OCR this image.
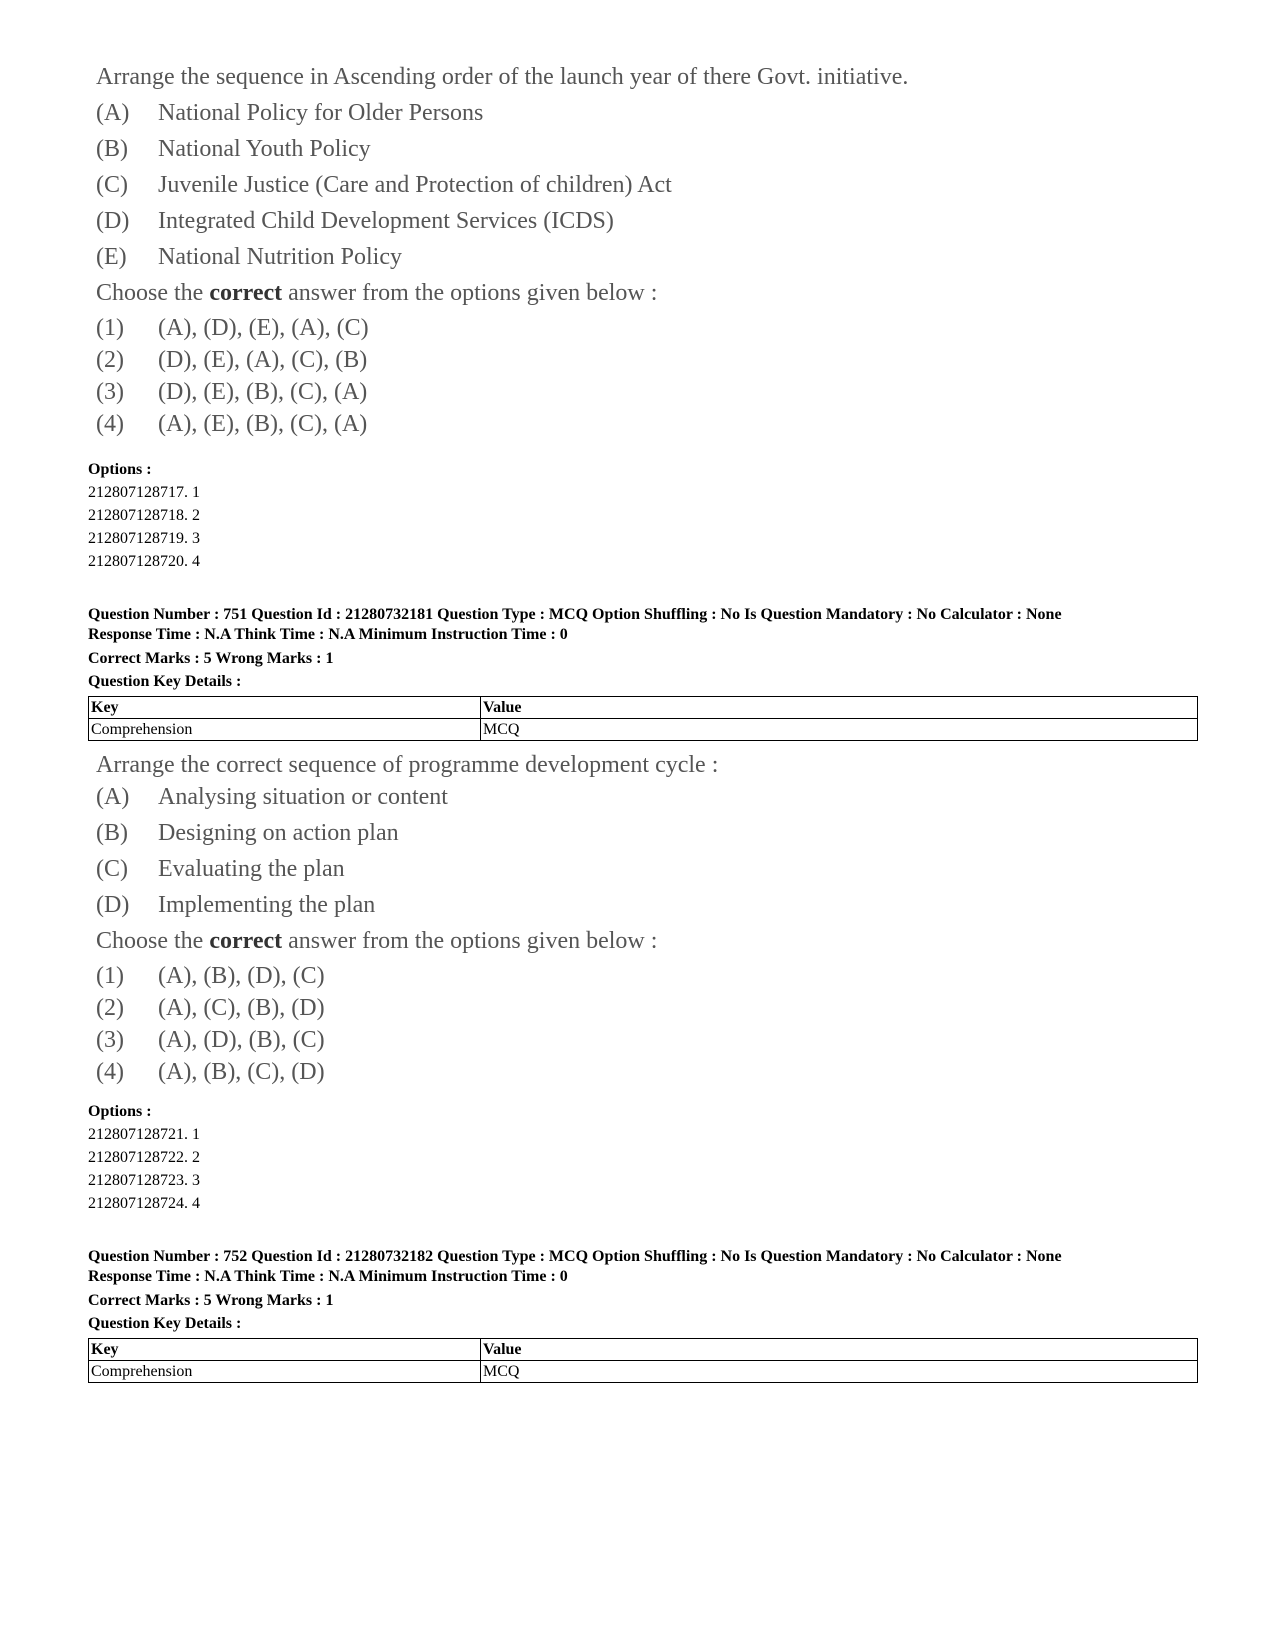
Arrange the sequence in Ascending order of the launch year of there Govt. initiative.
(A)	National Policy for Older Persons
(B)	National Youth Policy
(C)	Juvenile Justice (Care and Protection of children) Act
(D)	Integrated Child Development Services (ICDS)
(E)	National Nutrition Policy
Choose the correct answer from the options given below :
(1)	(A), (D), (E), (A), (C)
(2)	(D), (E), (A), (C), (B)
(3)	(D), (E), (B), (C), (A)
(4)	(A), (E), (B), (C), (A)
Options :
212807128717. 1
212807128718. 2
212807128719. 3
212807128720. 4
Question Number : 751 Question Id : 21280732181 Question Type : MCQ Option Shuffling : No Is Question Mandatory : No Calculator : None
Response Time : N.A Think Time : N.A Minimum Instruction Time : 0
Correct Marks : 5 Wrong Marks : 1
Question Key Details :
Key	Value
Comprehension	MCQ
Arrange the correct sequence of programme development cycle :
(A)	Analysing situation or content
(B)	Designing on action plan
(C)	Evaluating the plan
(D)	Implementing the plan
Choose the correct answer from the options given below :
(1)	(A), (B), (D), (C)
(2)	(A), (C), (B), (D)
(3)	(A), (D), (B), (C)
(4)	(A), (B), (C), (D)
Options :
212807128721. 1
212807128722. 2
212807128723. 3
212807128724. 4
Question Number : 752 Question Id : 21280732182 Question Type : MCQ Option Shuffling : No Is Question Mandatory : No Calculator : None
Response Time : N.A Think Time : N.A Minimum Instruction Time : 0
Correct Marks : 5 Wrong Marks : 1
Question Key Details :
Key	Value
Comprehension	MCQ
